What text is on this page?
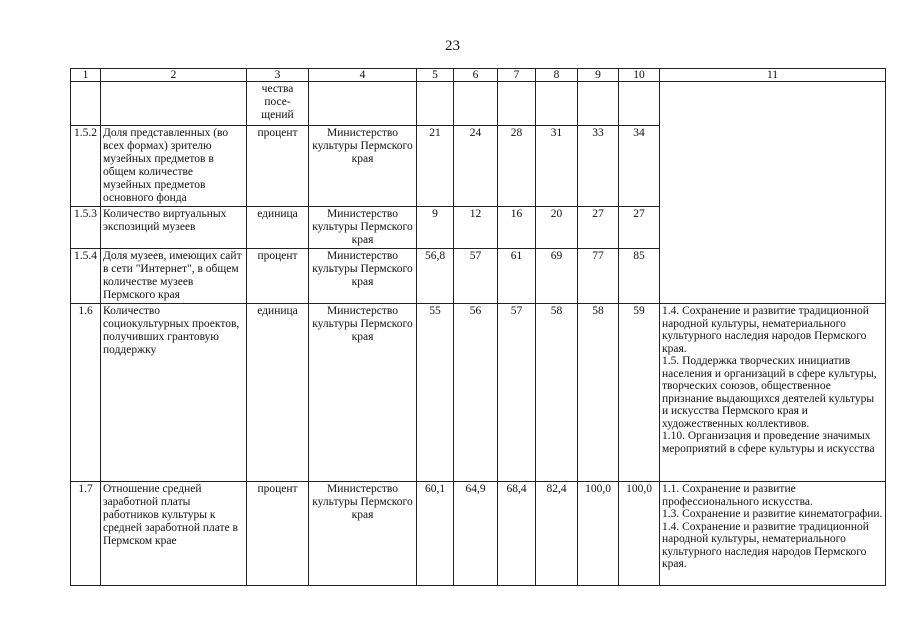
23
1	2	3	4	5	6	7	8	9	10	11
		чества
посе-
щений								
1.5.2	Доля представленных (во всех формах) зрителю музейных предметов в общем количестве музейных предметов основного фонда	процент	Министерство культуры Пермского края	21	24	28	31	33	34	
1.5.3	Количество виртуальных экспозиций музеев	единица	Министерство культуры Пермского края	9	12	16	20	27	27	
1.5.4	Доля музеев, имеющих сайт в сети "Интернет", в общем количестве музеев Пермского края	процент	Министерство культуры Пермского края	56,8	57	61	69	77	85	
1.6	Количество социокультурных проектов, получивших грантовую поддержку	единица	Министерство культуры Пермского края	55	56	57	58	58	59	1.4. Сохранение и развитие традиционной народной культуры, нематериального культурного наследия народов Пермского края.
1.5. Поддержка творческих инициатив населения и организаций в сфере культуры, творческих союзов, общественное признание выдающихся деятелей культуры и искусства Пермского края и художественных коллективов.
1.10. Организация и проведение значимых мероприятий в сфере культуры и искусства
1.7	Отношение средней заработной платы работников культуры к средней заработной плате в Пермском крае	процент	Министерство культуры Пермского края	60,1	64,9	68,4	82,4	100,0	100,0	1.1. Сохранение и развитие профессионального искусства.
1.3. Сохранение и развитие кинематографии.
1.4. Сохранение и развитие традиционной народной культуры, нематериального культурного наследия народов Пермского края.
